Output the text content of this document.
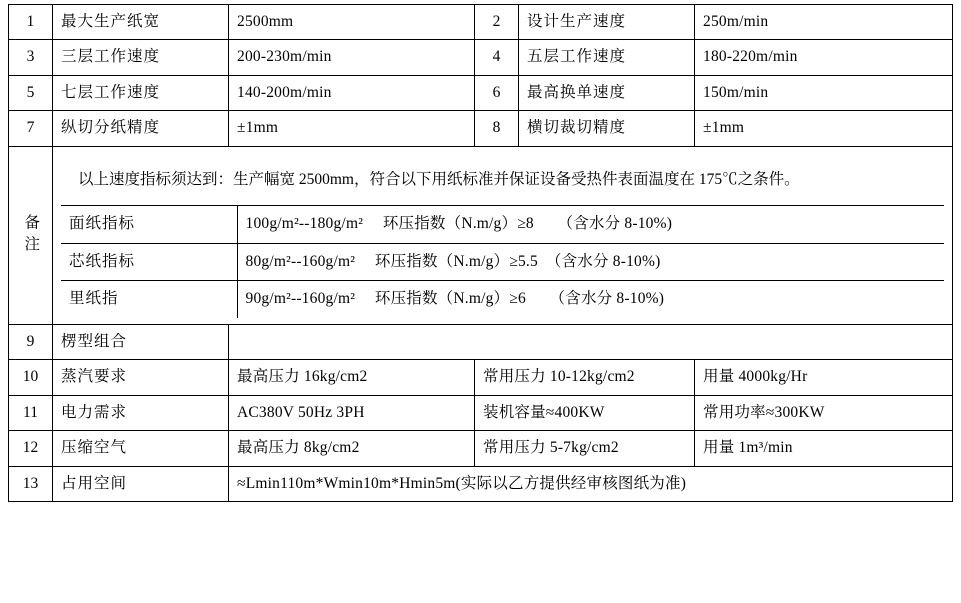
1	最大生产纸宽	2500mm	2	设计生产速度	250m/min
3	三层工作速度	200-230m/min	4	五层工作速度	180-220m/min
5	七层工作速度	140-200m/min	6	最高换单速度	150m/min
7	纵切分纸精度	±1mm	8	横切裁切精度	±1mm

备注

以上速度指标须达到：生产幅宽 2500mm，符合以下用纸标准并保证设备受热件表面温度在 175℃之条件。

面纸指标	100g/m²--180g/m²　 环压指数（N.m/g）≥8　　（含水分 8-10%)
芯纸指标	80g/m²--160g/m²　 环压指数（N.m/g）≥5.5　（含水分 8-10%)
里纸指	90g/m²--160g/m²　 环压指数（N.m/g）≥6　　（含水分 8-10%)

9	楞型组合	
10	蒸汽要求	最高压力 16kg/cm2	常用压力 10-12kg/cm2	用量 4000kg/Hr
11	电力需求	AC380V 50Hz 3PH	装机容量≈400KW	常用功率≈300KW
12	压缩空气	最高压力 8kg/cm2	常用压力 5-7kg/cm2	用量 1m³/min
13	占用空间	≈Lmin110m*Wmin10m*Hmin5m(实际以乙方提供经审核图纸为准)
